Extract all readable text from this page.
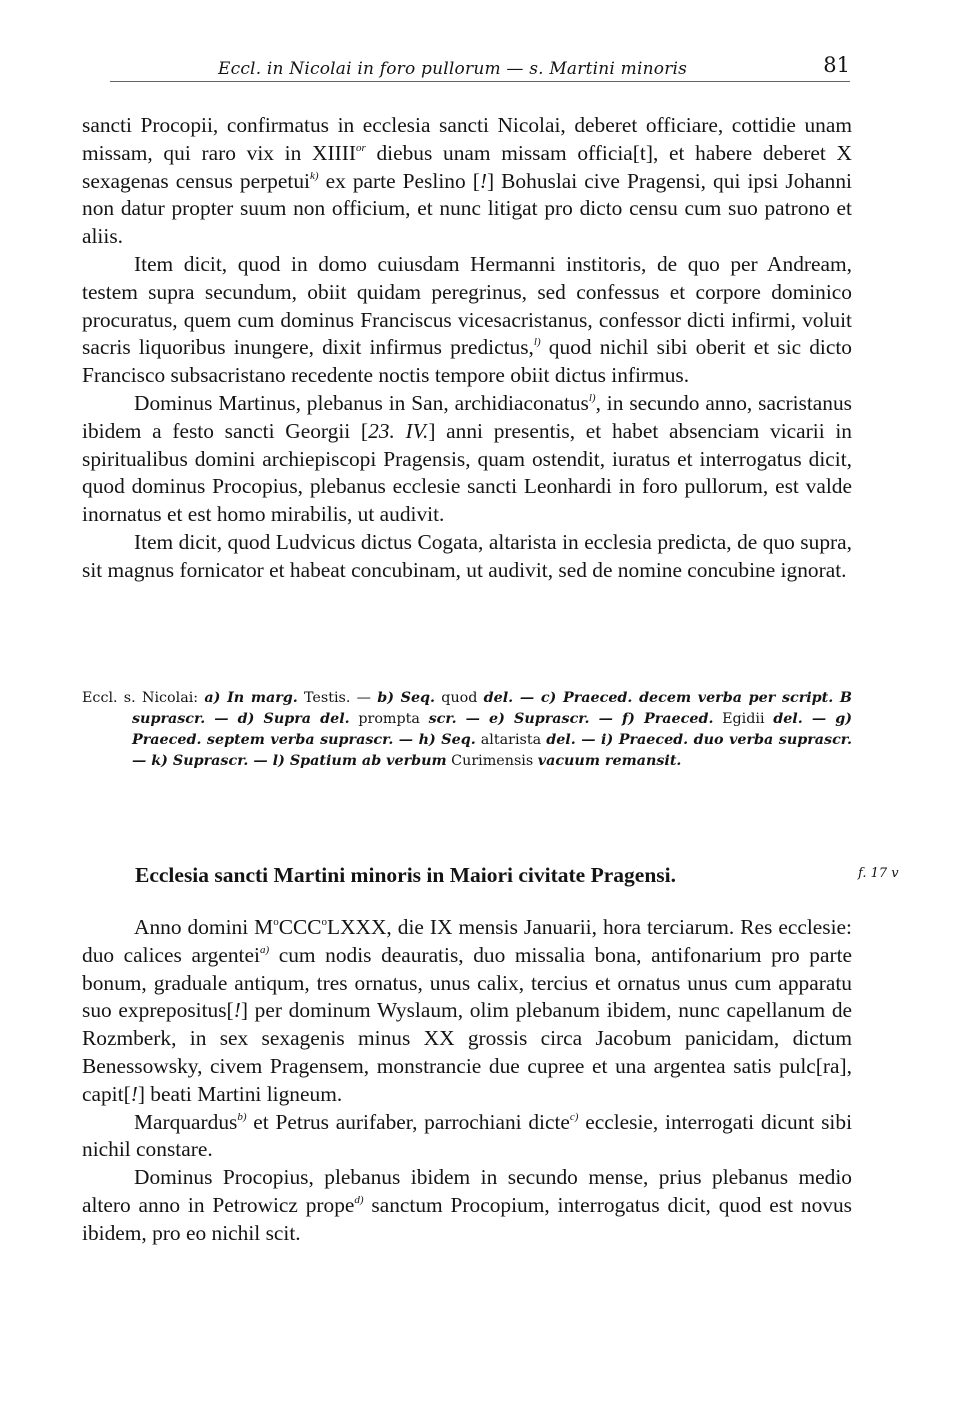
Eccl. in Nicolai in foro pullorum — s. Martini minoris	81

sancti Procopii, confirmatus in ecclesia sancti Nicolai, deberet officiare, cottidie unam missam, qui raro vix in $XIIII^{or}$ diebus unam missam officia[t], et habere deberet X sexagenas census perpetui$^{k)}$ ex parte Peslino [!] Bohuslai cive Pragensi, qui ipsi Johanni non datur propter suum non officium, et nunc litigat pro dicto censu cum suo patrono et aliis.

Item dicit, quod in domo cuiusdam Hermanni institoris, de quo per Andream, testem supra secundum, obiit quidam peregrinus, sed confessus et corpore dominico procuratus, quem cum dominus Franciscus vicesacristanus, confessor dicti infirmi, voluit sacris liquoribus inungere, dixit infirmus predictus,$^{l)}$ quod nichil sibi oberit et sic dicto Francisco subsacristano recedente noctis tempore obiit dictus infirmus.

Dominus Martinus, plebanus in San, archidiaconatus$^{l)}$, in secundo anno, sacristanus ibidem a festo sancti Georgii [23. IV.] anni presentis, et habet absenciam vicarii in spiritualibus domini archiepiscopi Pragensis, quam ostendit, iuratus et interrogatus dicit, quod dominus Procopius, plebanus ecclesie sancti Leonhardi in foro pullorum, est valde inornatus et est homo mirabilis, ut audivit.

Item dicit, quod Ludvicus dictus Cogata, altarista in ecclesia predicta, de quo supra, sit magnus fornicator et habeat concubinam, ut audivit, sed de nomine concubine ignorat.

Eccl. s. Nicolai: a) In marg. Testis. — b) Seq. quod del. — c) Praeced. decem verba per script. B suprascr. — d) Supra del. prompta scr. — e) Suprascr. — f) Praeced. Egidii del. — g) Praeced. septem verba suprascr. — h) Seq. altarista del. — i) Praeced. duo verba suprascr. — k) Suprascr. — l) Spatium ab verbum Curimensis vacuum remansit.
Ecclesia sancti Martini minoris in Maiori civitate Pragensi.	f. 17 v

Anno domini $M^oCCC^oLXXX$, die IX mensis Januarii, hora terciarum. Res ecclesie: duo calices argentei$^{a)}$ cum nodis deauratis, duo missalia bona, antifonarium pro parte bonum, graduale antiqum, tres ornatus, unus calix, tercius et ornatus unus cum apparatu suo exprepositus[!] per dominum Wyslaum, olim plebanum ibidem, nunc capellanum de Rozmberk, in sex sexagenis minus XX grossis circa Jacobum panicidam, dictum Benessowsky, civem Pragensem, monstrancie due cupree et una argentea satis pulc[ra], capit[!] beati Martini ligneum.

Marquardus$^{b)}$ et Petrus aurifaber, parrochiani dicte$^{c)}$ ecclesie, interrogati dicunt sibi nichil constare.

Dominus Procopius, plebanus ibidem in secundo mense, prius plebanus medio altero anno in Petrowicz prope$^{d)}$ sanctum Procopium, interrogatus dicit, quod est novus ibidem, pro eo nichil scit.
